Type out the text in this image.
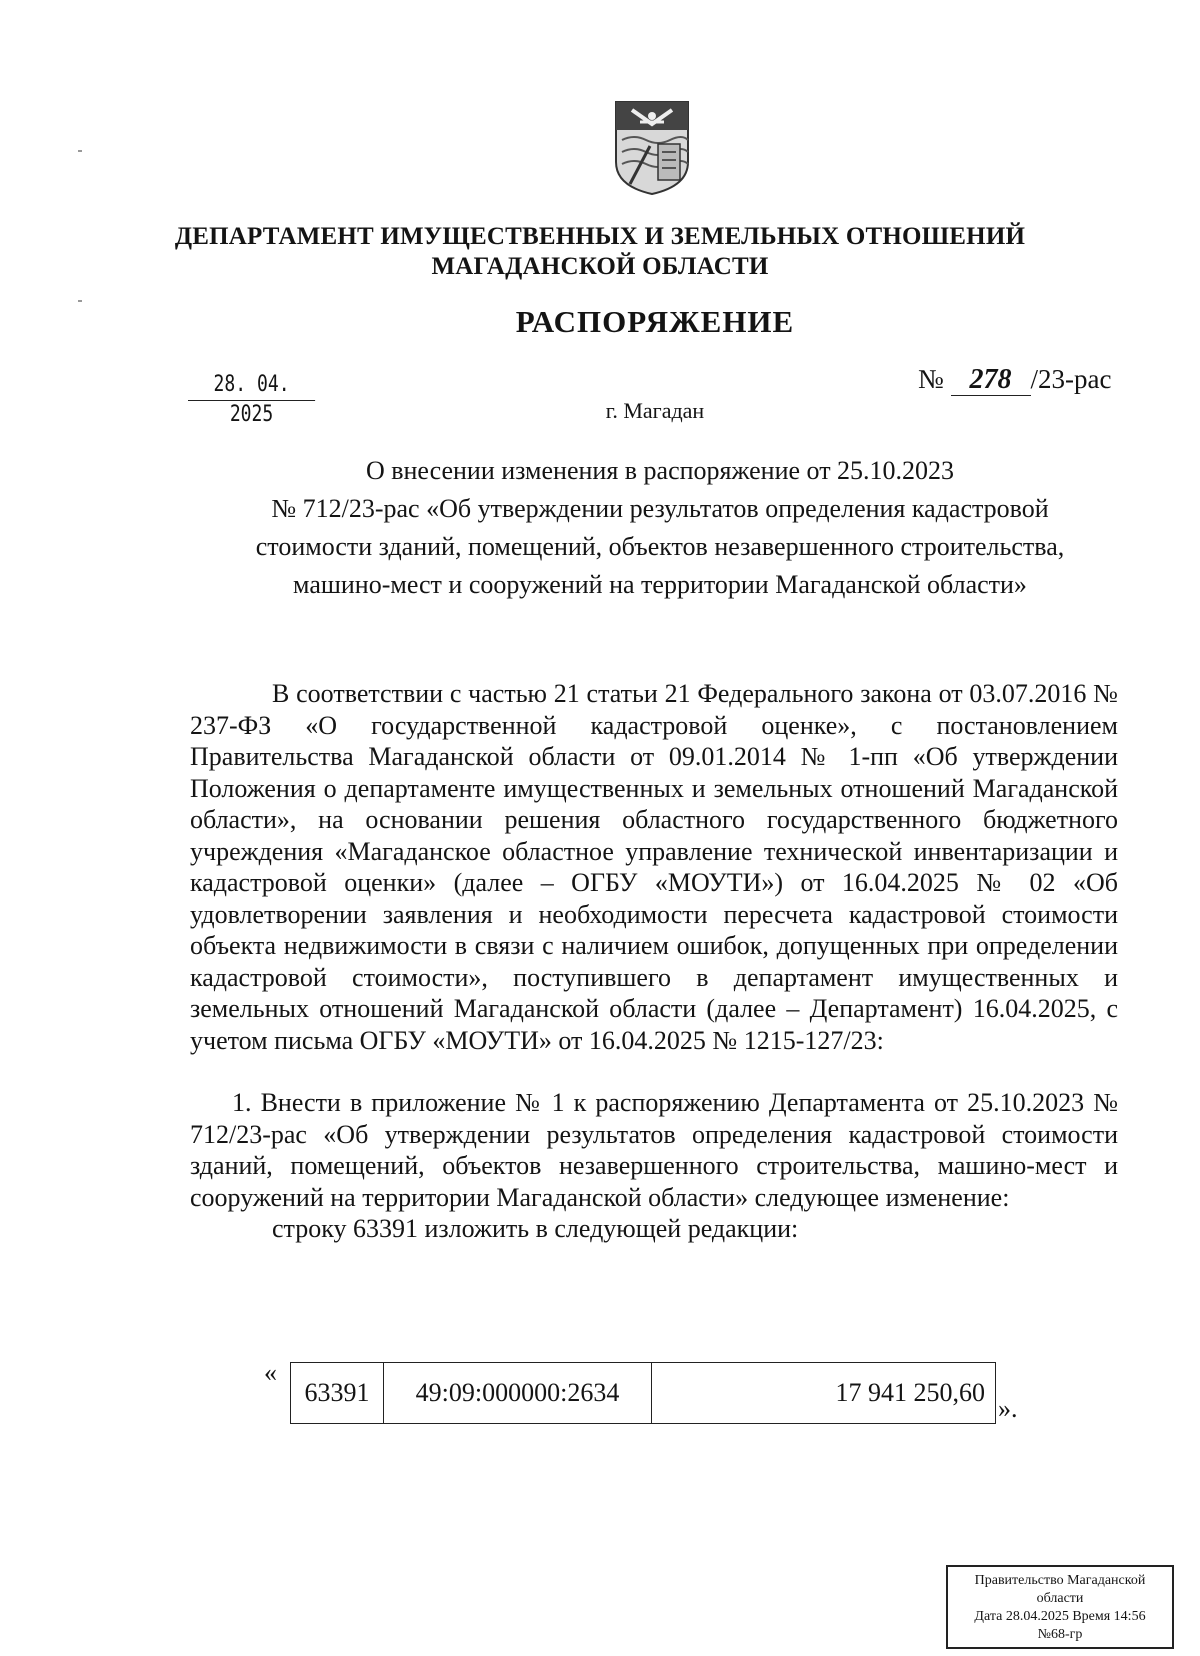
ДЕПАРТАМЕНТ ИМУЩЕСТВЕННЫХ И ЗЕМЕЛЬНЫХ ОТНОШЕНИЙ
МАГАДАНСКОЙ ОБЛАСТИ
РАСПОРЯЖЕНИЕ
28. 04. 2025
№ 278 /23-рас
г. Магадан
О внесении изменения в распоряжение от 25.10.2023
№ 712/23-рас «Об утверждении результатов определения кадастровой
стоимости зданий, помещений, объектов незавершенного строительства,
машино-мест и сооружений на территории Магаданской области»

В соответствии с частью 21 статьи 21 Федерального закона от 03.07.2016 № 237-ФЗ «О государственной кадастровой оценке», с постановлением Правительства Магаданской области от 09.01.2014 № 1-пп «Об утверждении Положения о департаменте имущественных и земельных отношений Магаданской области», на основании решения областного государственного бюджетного учреждения «Магаданское областное управление технической инвентаризации и кадастровой оценки» (далее – ОГБУ «МОУТИ») от 16.04.2025 № 02 «Об удовлетворении заявления и необходимости пересчета кадастровой стоимости объекта недвижимости в связи с наличием ошибок, допущенных при определении кадастровой стоимости», поступившего в департамент имущественных и земельных отношений Магаданской области (далее – Департамент) 16.04.2025, с учетом письма ОГБУ «МОУТИ» от 16.04.2025 № 1215-127/23:

1. Внести в приложение № 1 к распоряжению Департамента от 25.10.2023 № 712/23-рас «Об утверждении результатов определения кадастровой стоимости зданий, помещений, объектов незавершенного строительства, машино-мест и сооружений на территории Магаданской области» следующее изменение:

строку 63391 изложить в следующей редакции:

«
63391	49:09:000000:2634	17 941 250,60
».
Правительство Магаданской
области
Дата 28.04.2025 Время 14:56
№68-гр
